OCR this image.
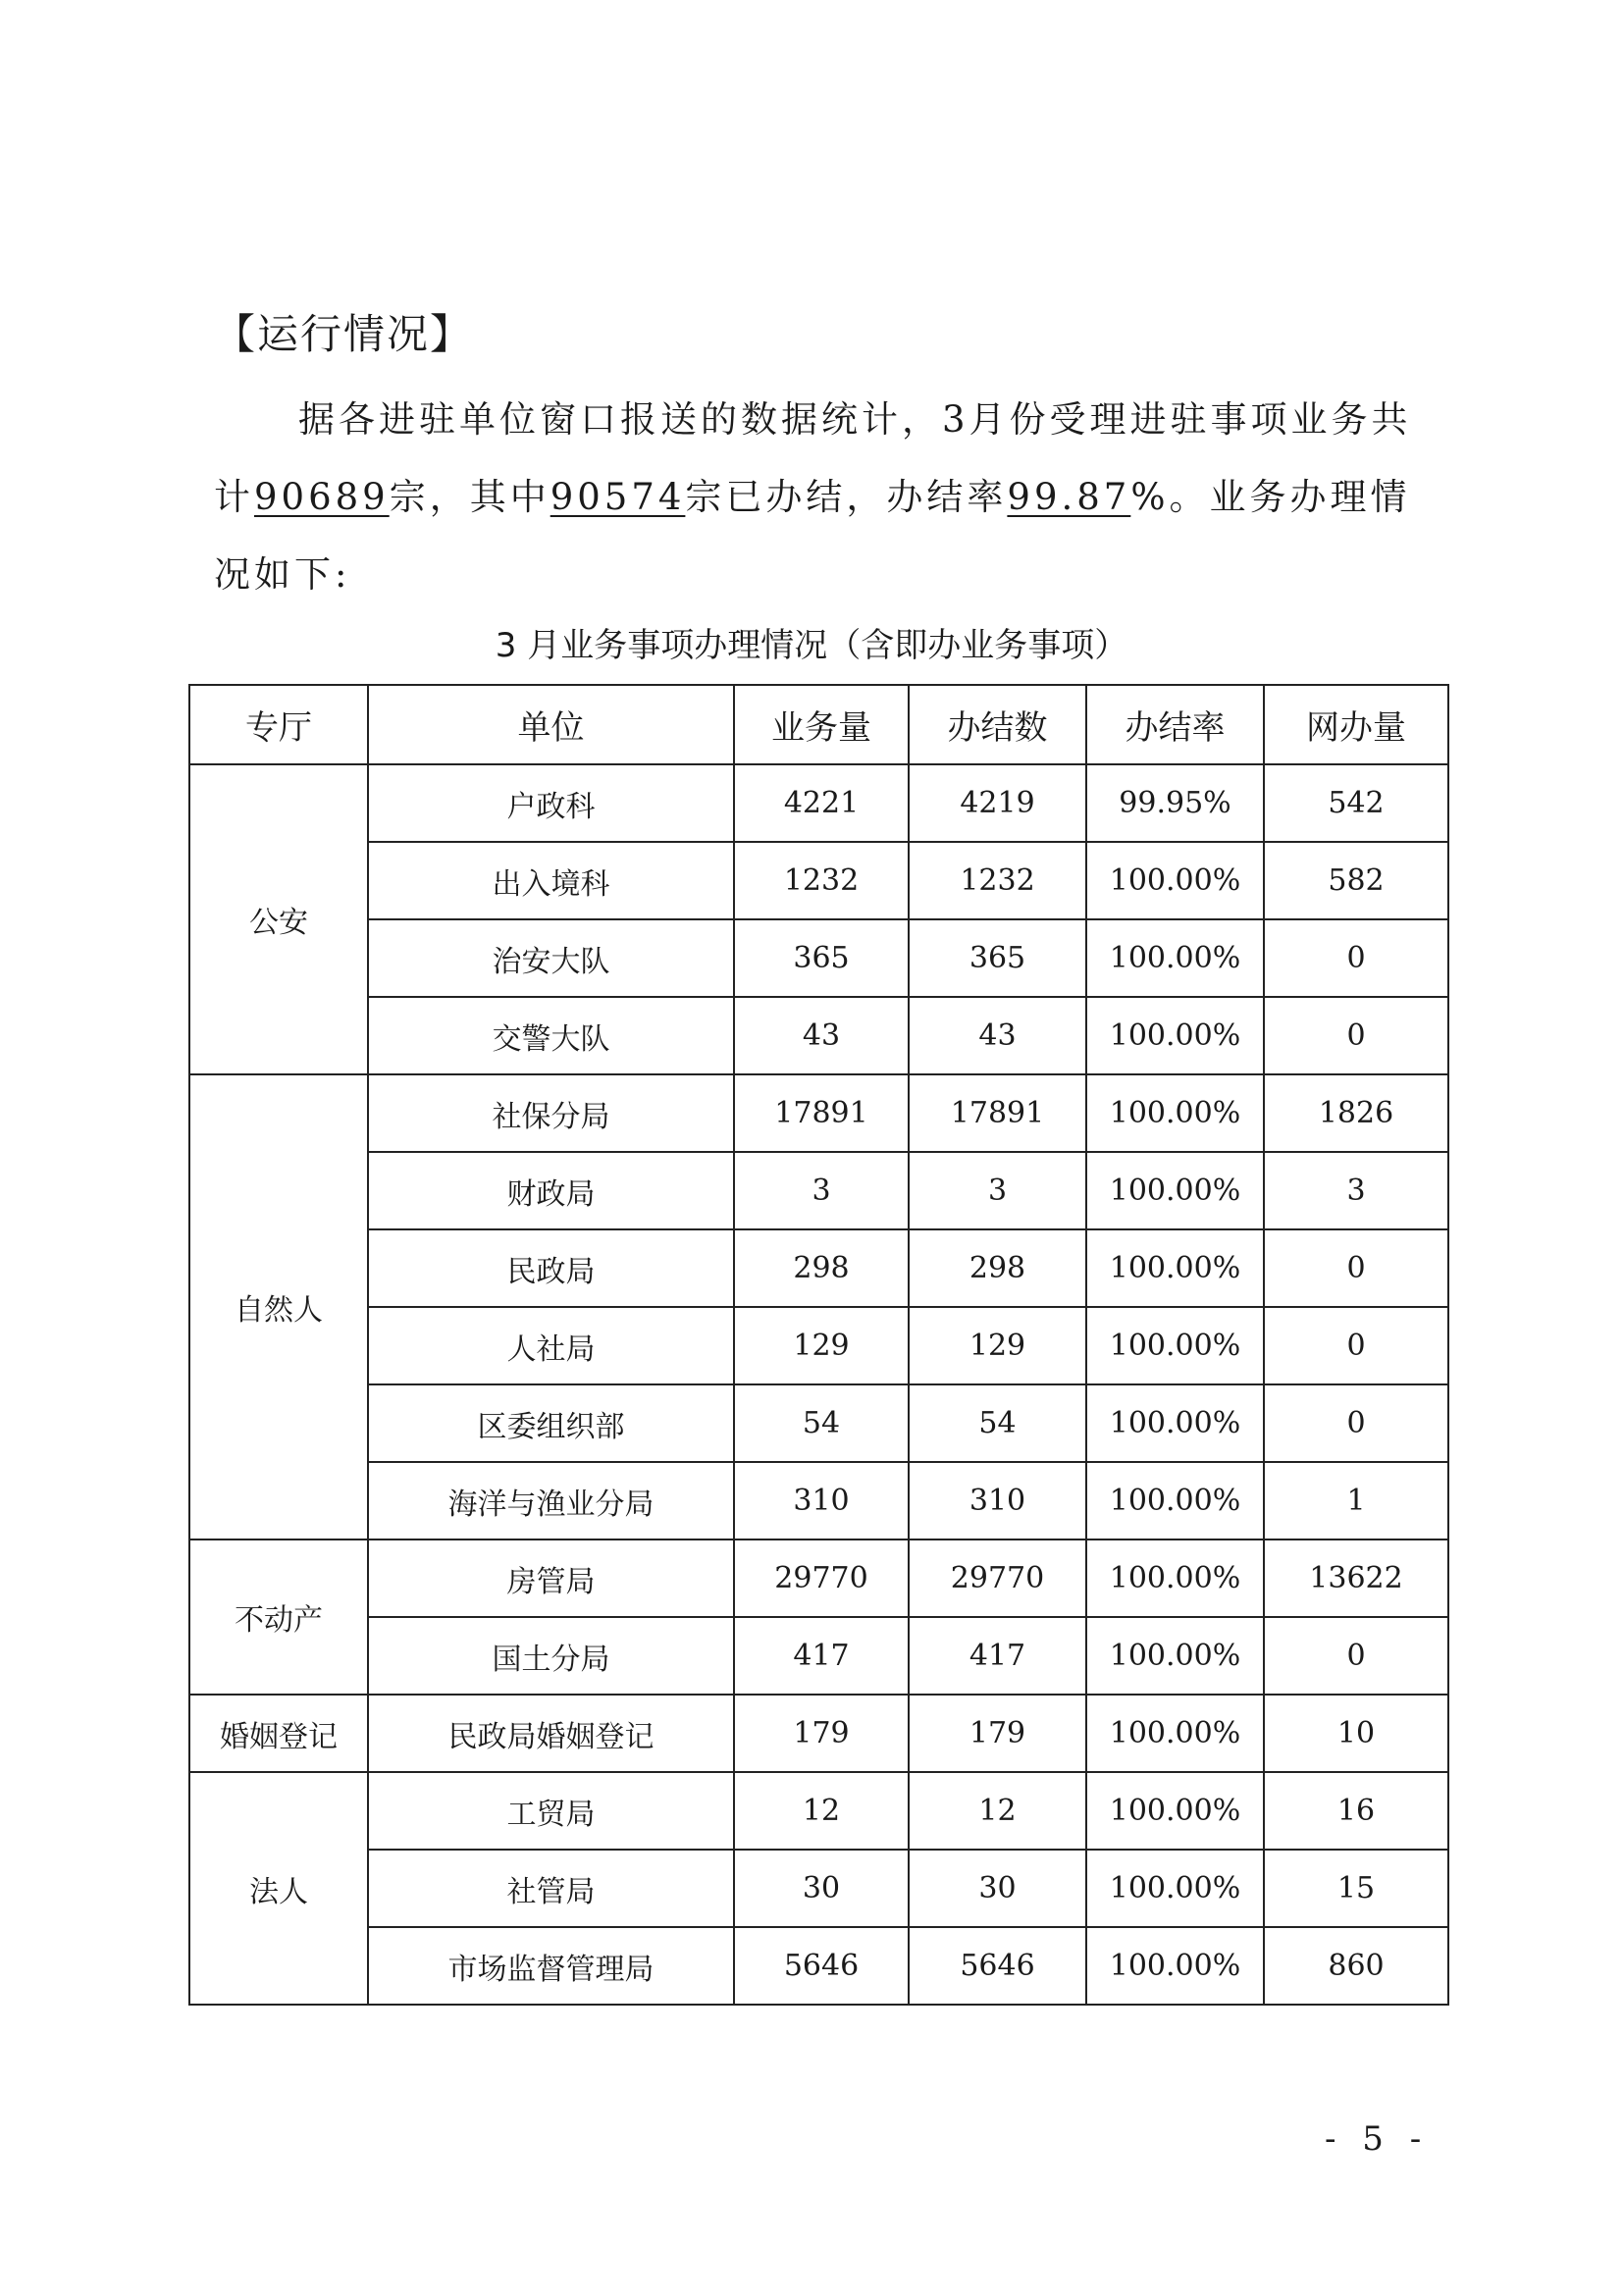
【运行情况】
据各进驻单位窗口报送的数据统计，3月份受理进驻事项业务共计90689宗，其中90574宗已办结，办结率99.87%。业务办理情况如下:
3 月业务事项办理情况（含即办业务事项）
专厅	单位	业务量	办结数	办结率	网办量
公安	户政科	4221	4219	99.95%	542
	出入境科	1232	1232	100.00%	582
	治安大队	365	365	100.00%	0
	交警大队	43	43	100.00%	0
自然人	社保分局	17891	17891	100.00%	1826
	财政局	3	3	100.00%	3
	民政局	298	298	100.00%	0
	人社局	129	129	100.00%	0
	区委组织部	54	54	100.00%	0
	海洋与渔业分局	310	310	100.00%	1
不动产	房管局	29770	29770	100.00%	13622
	国土分局	417	417	100.00%	0
婚姻登记	民政局婚姻登记	179	179	100.00%	10
法人	工贸局	12	12	100.00%	16
	社管局	30	30	100.00%	15
	市场监督管理局	5646	5646	100.00%	860
- 5 -
